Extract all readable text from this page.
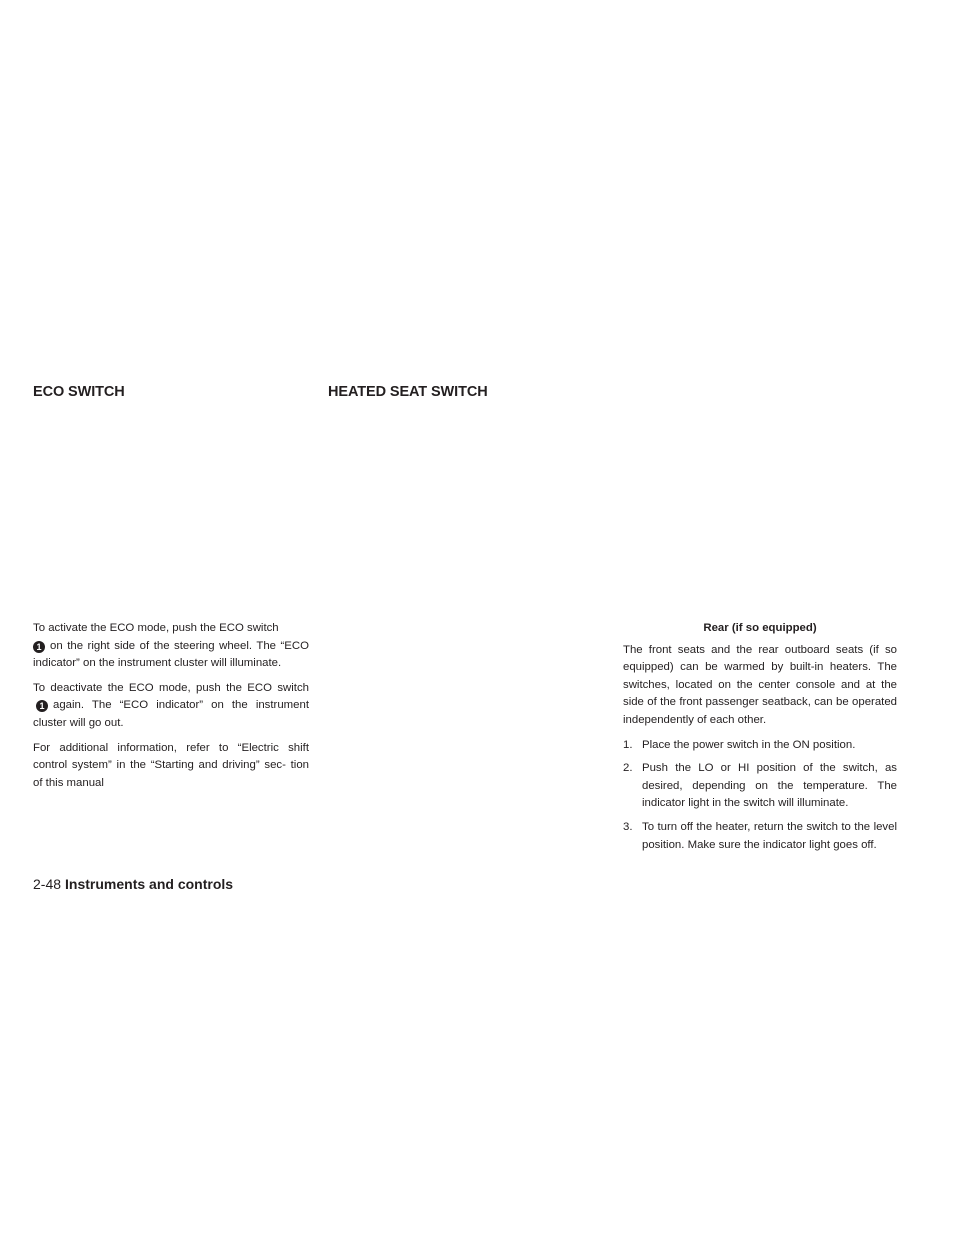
ECO SWITCH	HEATED SEAT SWITCH

To activate the ECO mode, push the ECO switch
1 on the right side of the steering wheel. The “ECO indicator” on the instrument cluster will illuminate.

To deactivate the ECO mode, push the ECO switch1 again. The “ECO indicator” on the instrument cluster will go out.

For additional information, refer to “Electric shift control system” in the “Starting and driving” sec- tion of this manual

Rear (if so equipped)

The front seats and the rear outboard seats (if so equipped) can be warmed by built-in heaters. The switches, located on the center console and at the side of the front passenger seatback, can be operated independently of each other.

1. Place the power switch in the ON position.
2. Push the LO or HI position of the switch, as desired, depending on the temperature. The indicator light in the switch will illuminate.
3. To turn off the heater, return the switch to the level position. Make sure the indicator light goes off.
2-48 Instruments and controls
